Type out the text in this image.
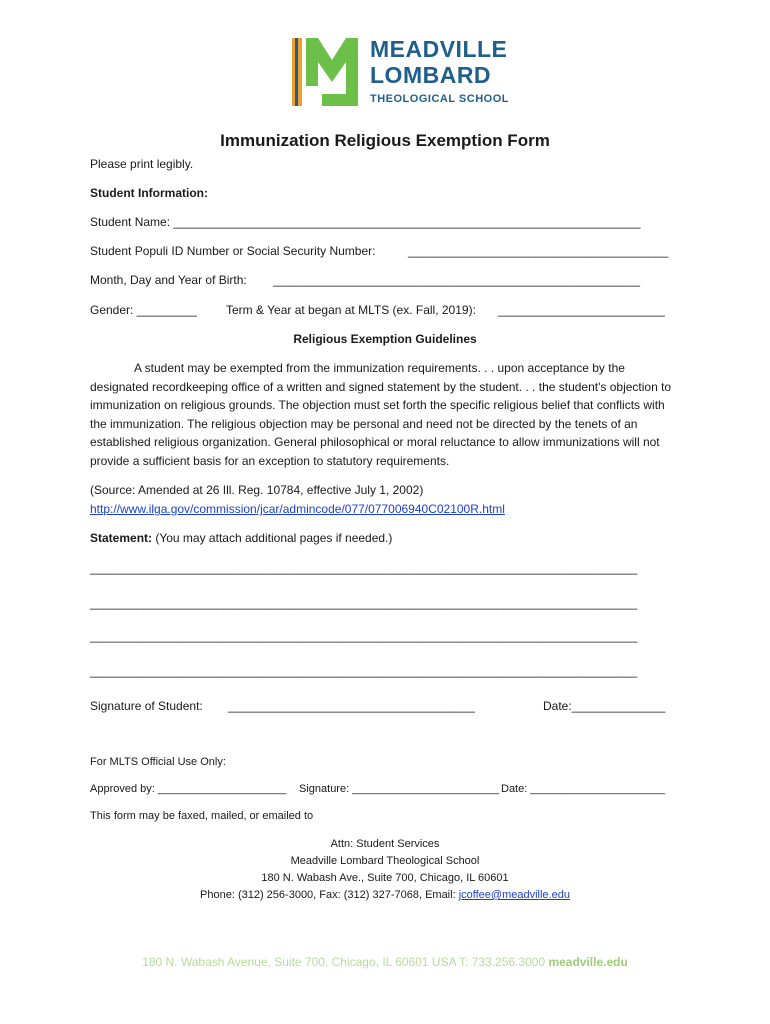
MEADVILLE
LOMBARD
THEOLOGICAL SCHOOL
Immunization Religious Exemption Form
Please print legibly.
Student Information:
Student Name: ______________________________________________________________________
Student Populi ID Number or Social Security Number:	_______________________________________
Month, Day and Year of Birth: _______________________________________________________
Gender: _________ Term & Year at began at MLTS (ex. Fall, 2019): _________________________
Religious Exemption Guidelines
A student may be exempted from the immunization requirements. . . upon acceptance by the designated recordkeeping office of a written and signed statement by the student. . . the student's objection to immunization on religious grounds. The objection must set forth the specific religious belief that conflicts with the immunization. The religious objection may be personal and need not be directed by the tenets of an established religious organization. General philosophical or moral reluctance to allow immunizations will not provide a sufficient basis for an exception to statutory requirements.
(Source: Amended at 26 Ill. Reg. 10784, effective July 1, 2002)
http://www.ilga.gov/commission/jcar/admincode/077/077006940C02100R.html
Statement: (You may attach additional pages if needed.)
__________________________________________________________________________________
__________________________________________________________________________________
__________________________________________________________________________________
__________________________________________________________________________________
Signature of Student: _____________________________________	Date:______________
For MLTS Official Use Only:
Approved by: _____________________ Signature: ________________________ Date: ______________________
This form may be faxed, mailed, or emailed to
Attn: Student Services
Meadville Lombard Theological School
180 N. Wabash Ave., Suite 700, Chicago, IL 60601
Phone: (312) 256-3000, Fax: (312) 327-7068, Email: jcoffee@meadville.edu
180 N. Wabash Avenue, Suite 700, Chicago, IL 60601 USA T: 733.256.3000 meadville.edu
